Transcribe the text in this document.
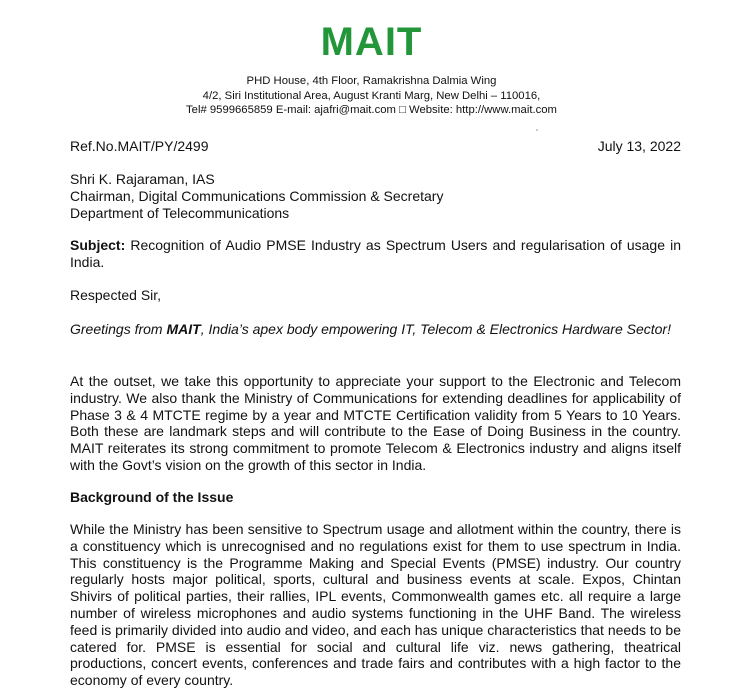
MAIT
PHD House, 4th Floor, Ramakrishna Dalmia Wing
4/2, Siri Institutional Area, August Kranti Marg, New Delhi – 110016,
Tel# 9599665859 E-mail: ajafri@mait.com □ Website: http://www.mait.com
Ref.No.MAIT/PY/2499	July 13, 2022
Shri K. Rajaraman, IAS
Chairman, Digital Communications Commission & Secretary
Department of Telecommunications
Subject: Recognition of Audio PMSE Industry as Spectrum Users and regularisation of usage in India.
Respected Sir,
Greetings from MAIT, India’s apex body empowering IT, Telecom & Electronics Hardware Sector!
At the outset, we take this opportunity to appreciate your support to the Electronic and Telecom industry. We also thank the Ministry of Communications for extending deadlines for applicability of Phase 3 & 4 MTCTE regime by a year and MTCTE Certification validity from 5 Years to 10 Years. Both these are landmark steps and will contribute to the Ease of Doing Business in the country. MAIT reiterates its strong commitment to promote Telecom & Electronics industry and aligns itself with the Govt’s vision on the growth of this sector in India.
Background of the Issue
While the Ministry has been sensitive to Spectrum usage and allotment within the country, there is a constituency which is unrecognised and no regulations exist for them to use spectrum in India. This constituency is the Programme Making and Special Events (PMSE) industry. Our country regularly hosts major political, sports, cultural and business events at scale. Expos, Chintan Shivirs of political parties, their rallies, IPL events, Commonwealth games etc. all require a large number of wireless microphones and audio systems functioning in the UHF Band. The wireless feed is primarily divided into audio and video, and each has unique characteristics that needs to be catered for. PMSE is essential for social and cultural life viz. news gathering, theatrical productions, concert events, conferences and trade fairs and contributes with a high factor to the economy of every country.
